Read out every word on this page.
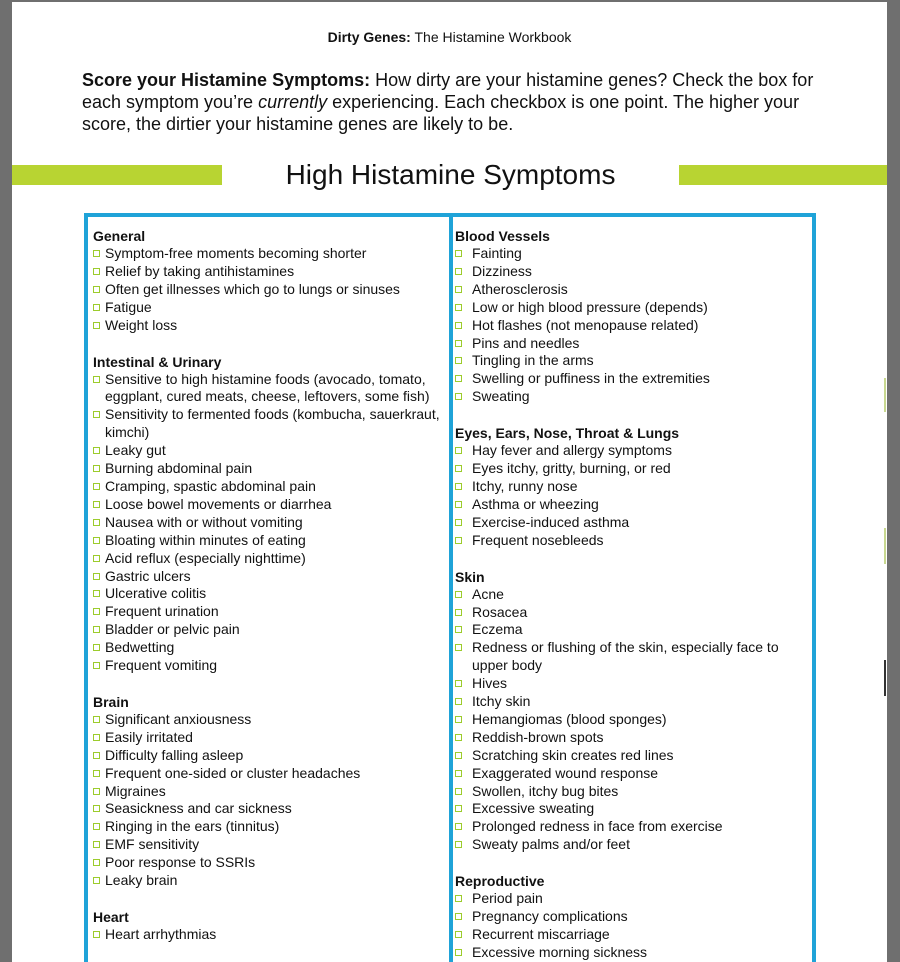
Dirty Genes: The Histamine Workbook

Score your Histamine Symptoms: How dirty are your histamine genes? Check the box for each symptom you’re currently experiencing. Each checkbox is one point. The higher your score, the dirtier your histamine genes are likely to be.

High Histamine Symptoms
General
Symptom-free moments becoming shorter
Relief by taking antihistamines
Often get illnesses which go to lungs or sinuses
Fatigue
Weight loss
Intestinal & Urinary
Sensitive to high histamine foods (avocado, tomato, eggplant, cured meats, cheese, leftovers, some fish)
Sensitivity to fermented foods (kombucha, sauerkraut, kimchi)
Leaky gut
Burning abdominal pain
Cramping, spastic abdominal pain
Loose bowel movements or diarrhea
Nausea with or without vomiting
Bloating within minutes of eating
Acid reflux (especially nighttime)
Gastric ulcers
Ulcerative colitis
Frequent urination
Bladder or pelvic pain
Bedwetting
Frequent vomiting
Brain
Significant anxiousness
Easily irritated
Difficulty falling asleep
Frequent one-sided or cluster headaches
Migraines
Seasickness and car sickness
Ringing in the ears (tinnitus)
EMF sensitivity
Poor response to SSRIs
Leaky brain
Heart
Heart arrhythmias
Blood Vessels
Fainting
Dizziness
Atherosclerosis
Low or high blood pressure (depends)
Hot flashes (not menopause related)
Pins and needles
Tingling in the arms
Swelling or puffiness in the extremities
Sweating
Eyes, Ears, Nose, Throat & Lungs
Hay fever and allergy symptoms
Eyes itchy, gritty, burning, or red
Itchy, runny nose
Asthma or wheezing
Exercise-induced asthma
Frequent nosebleeds
Skin
Acne
Rosacea
Eczema
Redness or flushing of the skin, especially face to upper body
Hives
Itchy skin
Hemangiomas (blood sponges)
Reddish-brown spots
Scratching skin creates red lines
Exaggerated wound response
Swollen, itchy bug bites
Excessive sweating
Prolonged redness in face from exercise
Sweaty palms and/or feet
Reproductive
Period pain
Pregnancy complications
Recurrent miscarriage
Excessive morning sickness
